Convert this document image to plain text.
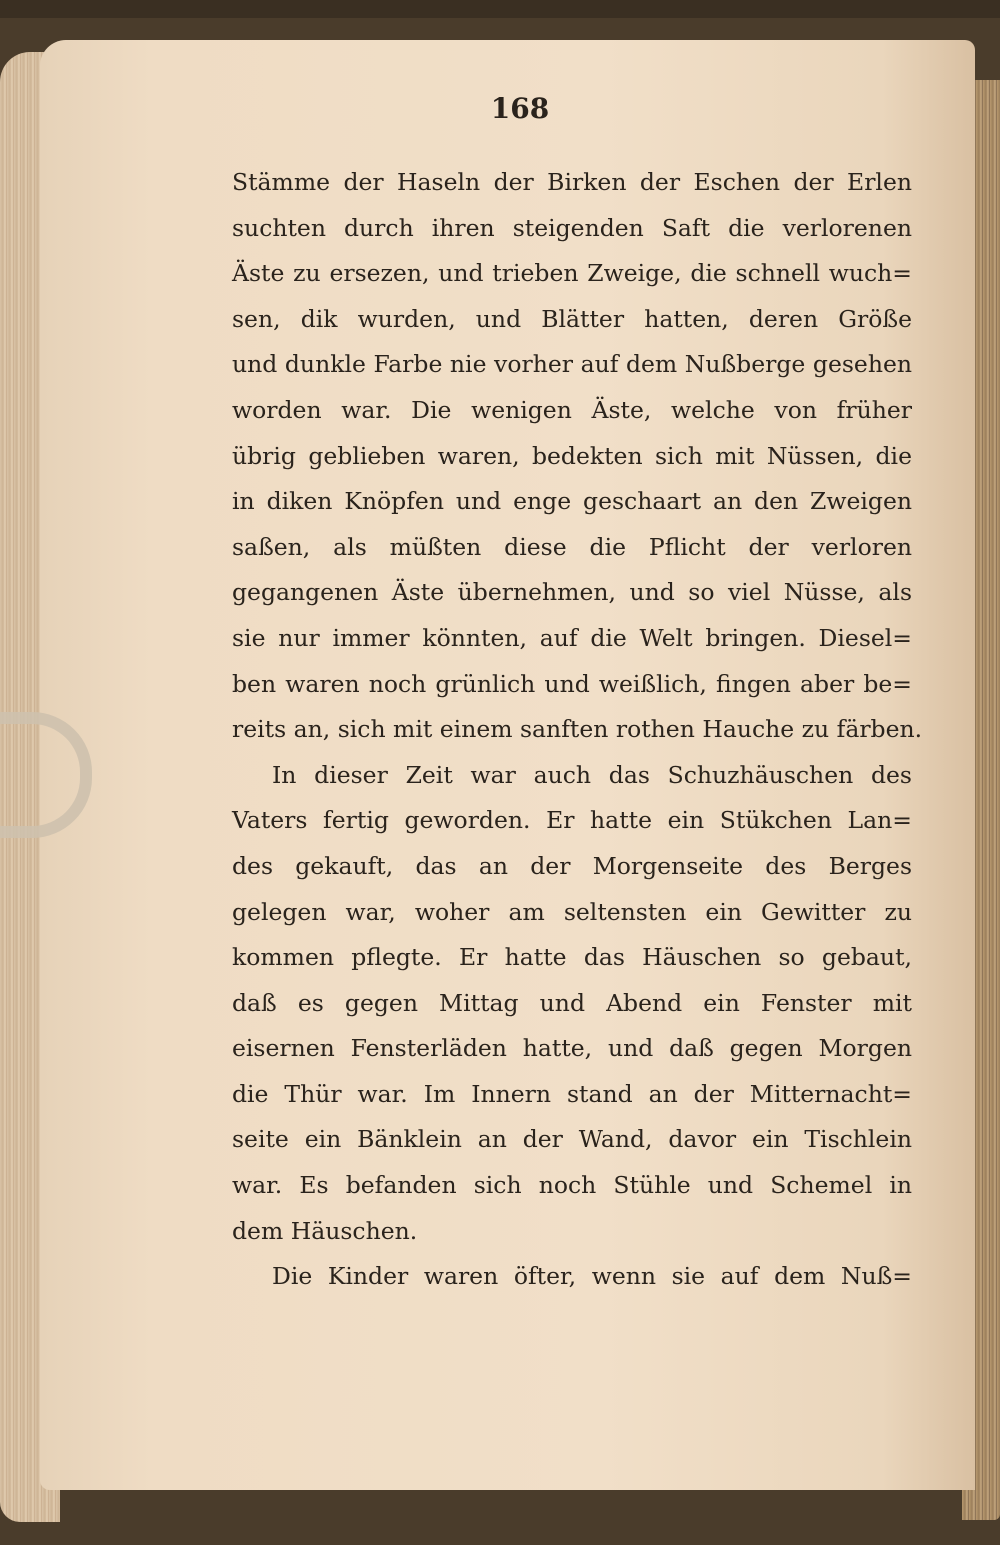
168
Stämme der Haseln der Birken der Eschen der Erlen
suchten durch ihren steigenden Saft die verlorenen
Äste zu ersezen, und trieben Zweige, die schnell wuch=
sen, dik wurden, und Blätter hatten, deren Größe
und dunkle Farbe nie vorher auf dem Nußberge gesehen
worden war. Die wenigen Äste, welche von früher
übrig geblieben waren, bedekten sich mit Nüssen, die
in diken Knöpfen und enge geschaart an den Zweigen
saßen, als müßten diese die Pflicht der verloren
gegangenen Äste übernehmen, und so viel Nüsse, als
sie nur immer könnten, auf die Welt bringen. Diesel=
ben waren noch grünlich und weißlich, fingen aber be=
reits an, sich mit einem sanften rothen Hauche zu färben.
In dieser Zeit war auch das Schuzhäuschen des
Vaters fertig geworden. Er hatte ein Stükchen Lan=
des gekauft, das an der Morgenseite des Berges
gelegen war, woher am seltensten ein Gewitter zu
kommen pflegte. Er hatte das Häuschen so gebaut,
daß es gegen Mittag und Abend ein Fenster mit
eisernen Fensterläden hatte, und daß gegen Morgen
die Thür war. Im Innern stand an der Mitternacht=
seite ein Bänklein an der Wand, davor ein Tischlein
war. Es befanden sich noch Stühle und Schemel in
dem Häuschen.
Die Kinder waren öfter, wenn sie auf dem Nuß=
